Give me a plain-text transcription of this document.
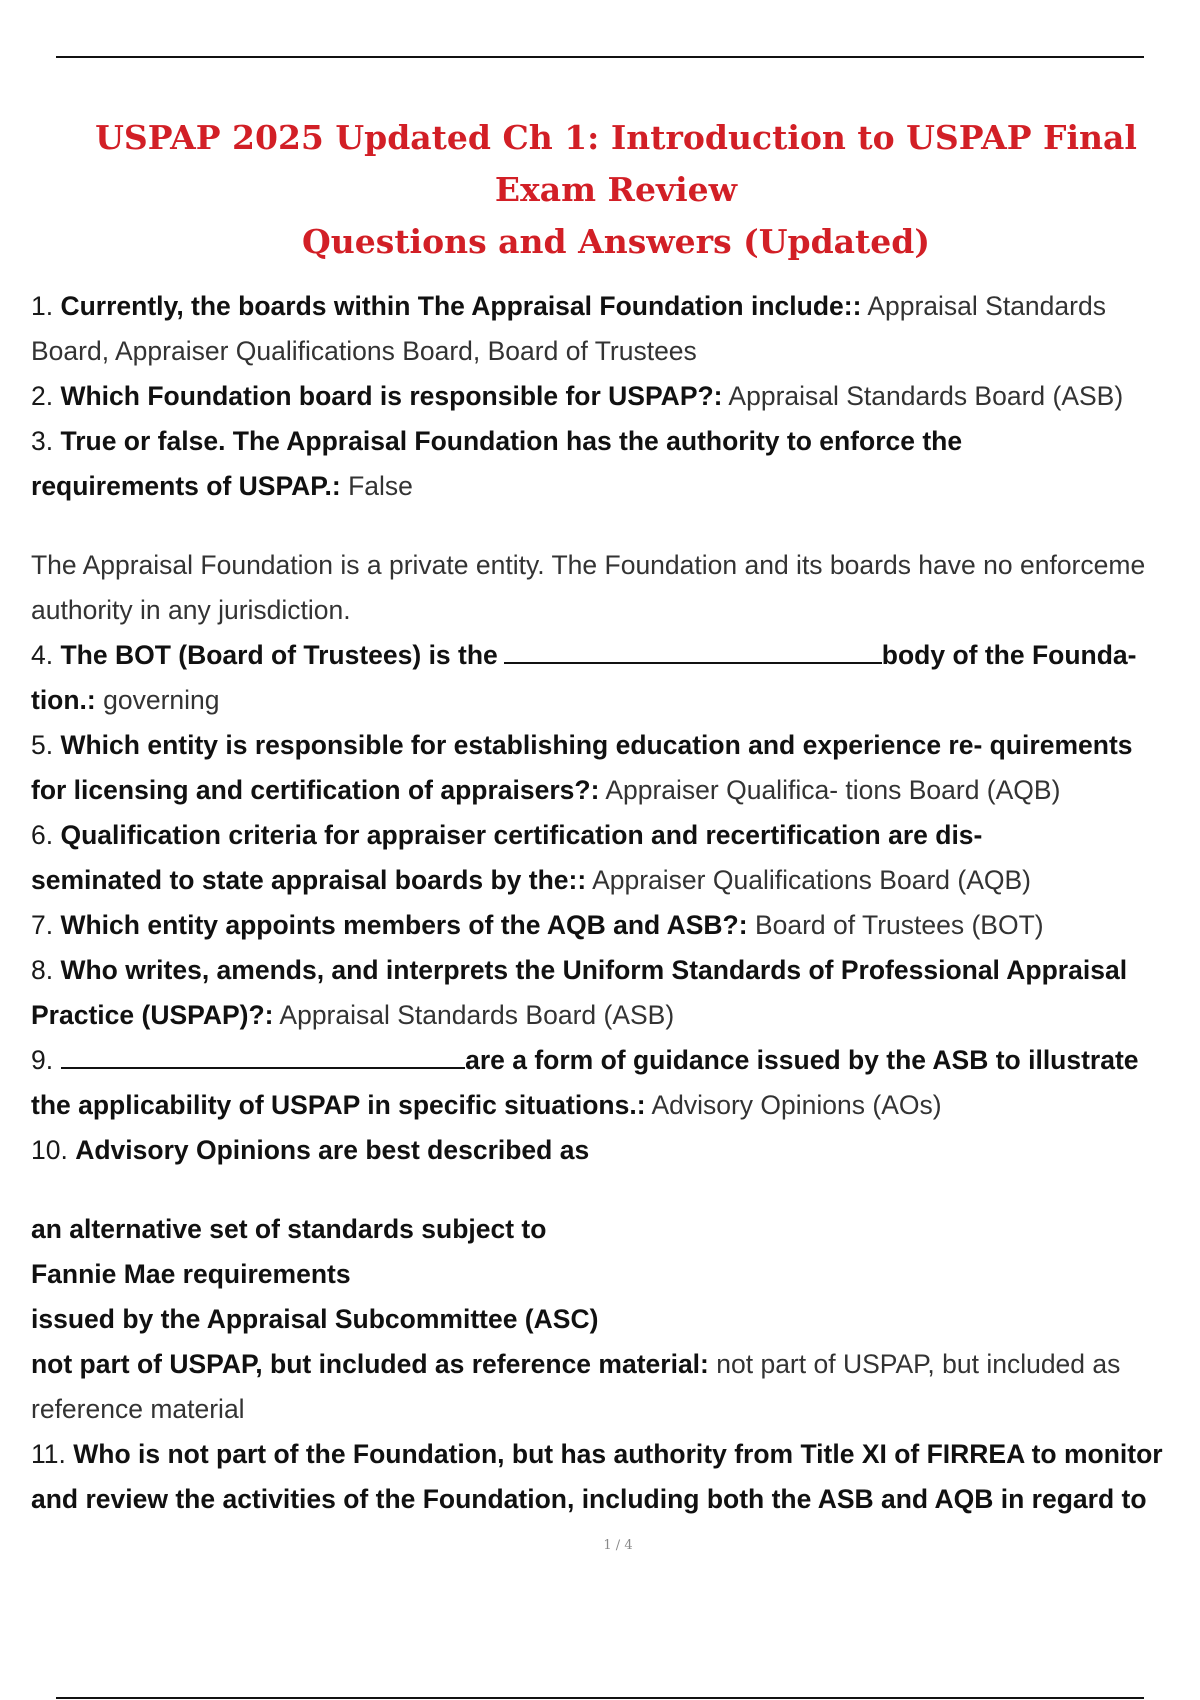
USPAP 2025 Updated Ch 1: Introduction to USPAP Final Exam Review
Questions and Answers (Updated)
1. Currently, the boards within The Appraisal Foundation include:: Appraisal Standards
Board, Appraiser Qualifications Board, Board of Trustees
2. Which Foundation board is responsible for USPAP?: Appraisal Standards Board (ASB)
3. True or false. The Appraisal Foundation has the authority to enforce the
requirements of USPAP.: False
The Appraisal Foundation is a private entity. The Foundation and its boards have no enforceme
authority in any jurisdiction.
4. The BOT (Board of Trustees) is the	body of the Founda-
tion.: governing
5. Which entity is responsible for establishing education and experience re- quirements
for licensing and certification of appraisers?: Appraiser Qualifica- tions Board (AQB)
6. Qualification criteria for appraiser certification and recertification are dis-
seminated to state appraisal boards by the:: Appraiser Qualifications Board (AQB)
7. Which entity appoints members of the AQB and ASB?: Board of Trustees (BOT)
8. Who writes, amends, and interprets the Uniform Standards of Professional Appraisal
Practice (USPAP)?: Appraisal Standards Board (ASB)
9.	are a form of guidance issued by the ASB to illustrate
the applicability of USPAP in specific situations.: Advisory Opinions (AOs)
10. Advisory Opinions are best described as
an alternative set of standards subject to
Fannie Mae requirements
issued by the Appraisal Subcommittee (ASC)
not part of USPAP, but included as reference material: not part of USPAP, but included as
reference material
11. Who is not part of the Foundation, but has authority from Title XI of FIRREA to monitor
and review the activities of the Foundation, including both the ASB and AQB in regard to
1 / 4
